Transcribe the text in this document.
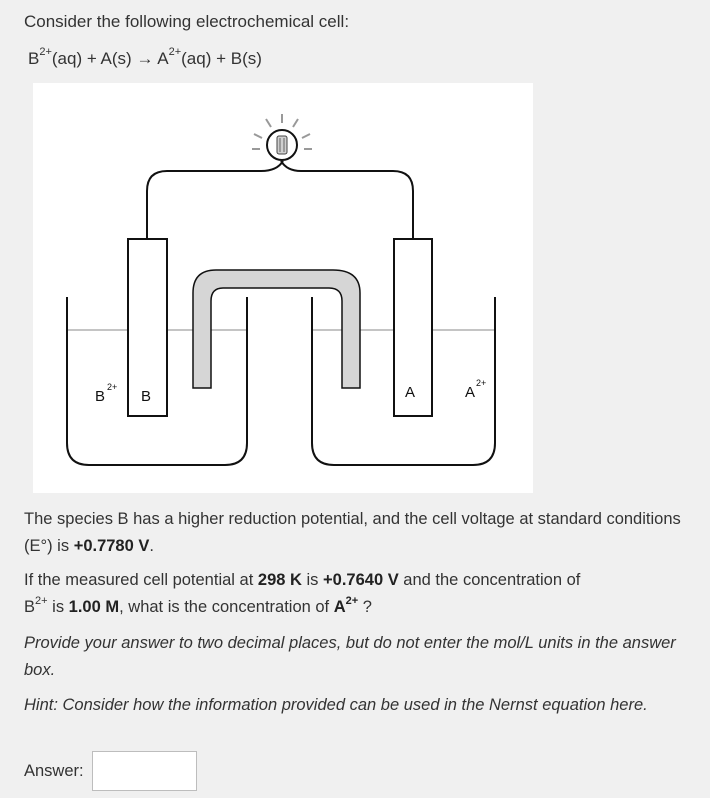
Consider the following electrochemical cell:
$B^{2+}(aq) + A(s) \to A^{2+}(aq) + B(s)$
B
2+
B	A	A
2+

The species B has a higher reduction potential, and the cell voltage at standard conditions (E°) is +0.7780 V.

If the measured cell potential at 298 K is +0.7640 V and the concentration of
$B^{2+}$ is 1.00 M, what is the concentration of $A^{2+}$ ?

Provide your answer to two decimal places, but do not enter the mol/L units in the answer box.

Hint: Consider how the information provided can be used in the Nernst equation here.

Answer:
